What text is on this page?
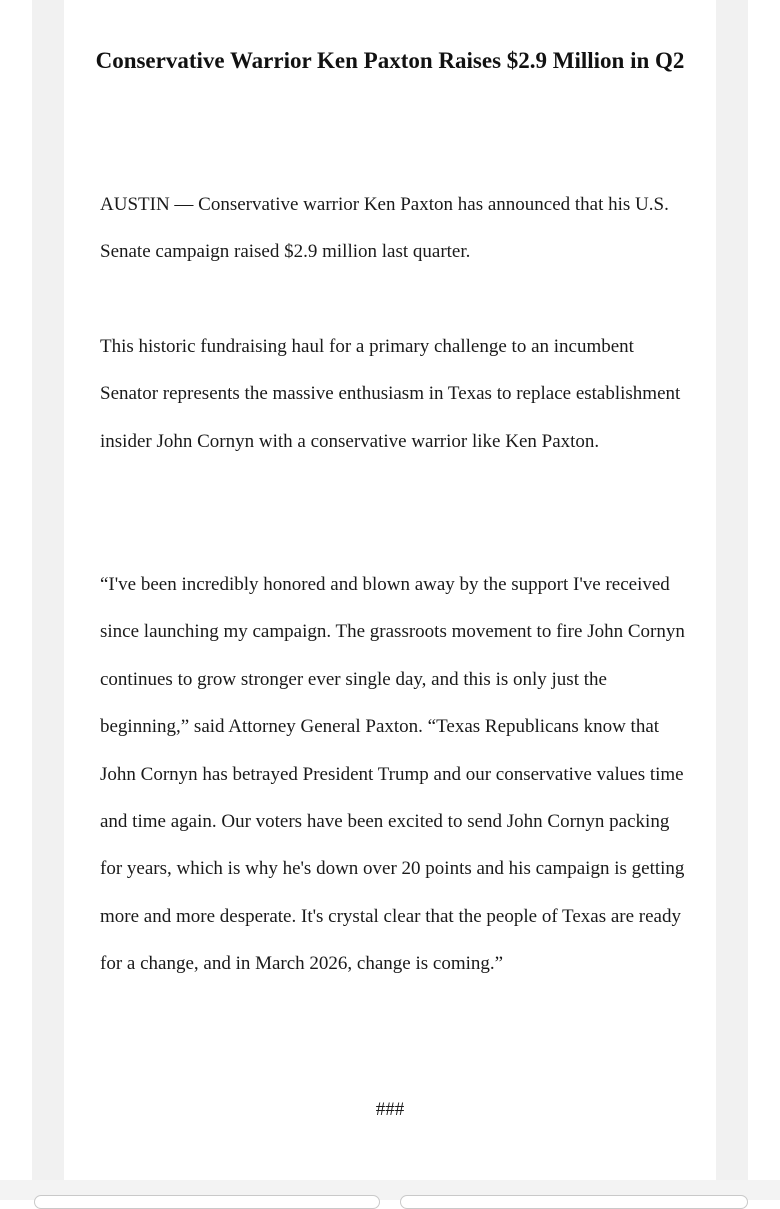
Conservative Warrior Ken Paxton Raises $2.9 Million in Q2

AUSTIN — Conservative warrior Ken Paxton has announced that his U.S. Senate campaign raised $2.9 million last quarter.

This historic fundraising haul for a primary challenge to an incumbent Senator represents the massive enthusiasm in Texas to replace establishment insider John Cornyn with a conservative warrior like Ken Paxton.

“I've been incredibly honored and blown away by the support I've received since launching my campaign. The grassroots movement to fire John Cornyn continues to grow stronger ever single day, and this is only just the beginning,” said Attorney General Paxton. “Texas Republicans know that John Cornyn has betrayed President Trump and our conservative values time and time again. Our voters have been excited to send John Cornyn packing for years, which is why he's down over 20 points and his campaign is getting more and more desperate. It's crystal clear that the people of Texas are ready for a change, and in March 2026, change is coming.”

###
